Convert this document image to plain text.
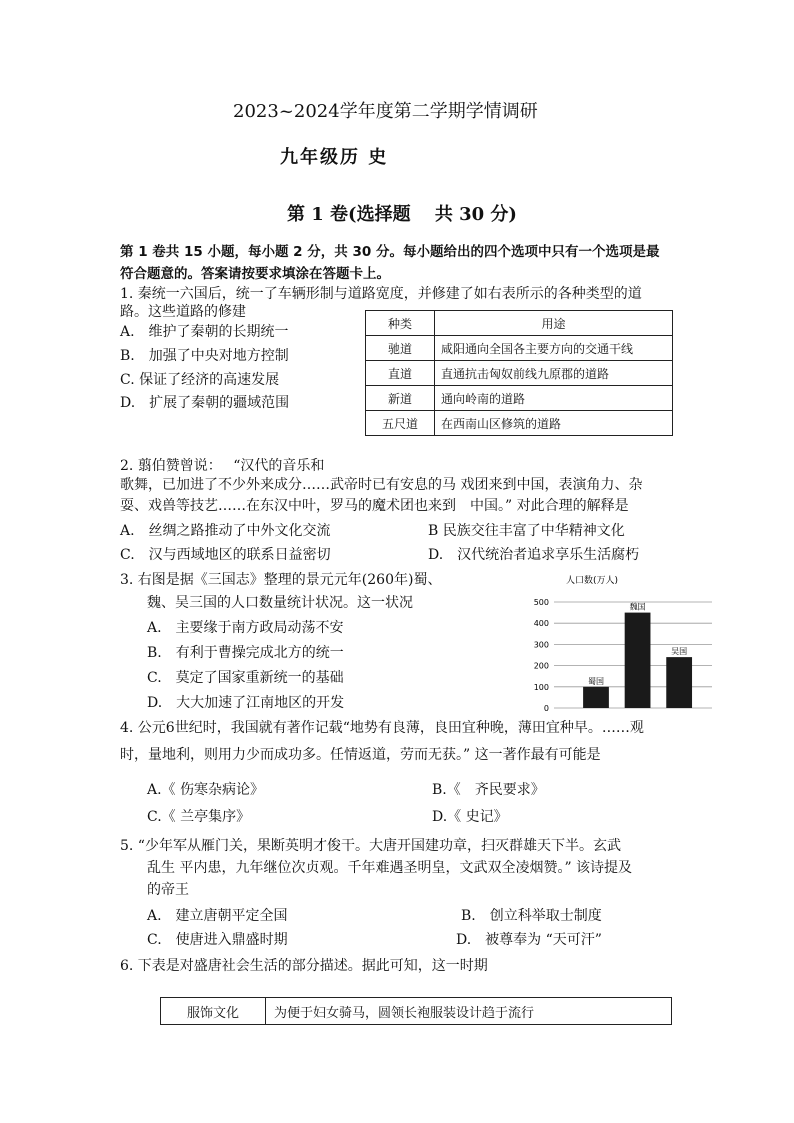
2023~2024学年度第二学期学情调研
九年级历 史
第 1 卷(选择题　 共 30 分)
第 1 卷共 15 小题，每小题 2 分，共 30 分。每小题给出的四个选项中只有一个选项是最
符合题意的。答案请按要求填涂在答题卡上。
1. 秦统一六国后，统一了车辆形制与道路宽度，并修建了如右表所示的各种类型的道
路。这些道路的修建
A.　维护了秦朝的长期统一
B.　加强了中央对地方控制
C. 保证了经济的高速发展
D.　扩展了秦朝的疆域范围
种类	用途
驰道	咸阳通向全国各主要方向的交通干线
直道	直通抗击匈奴前线九原郡的道路
新道	通向岭南的道路
五尺道	在西南山区修筑的道路
2. 翦伯赞曾说：　 “汉代的音乐和
歌舞，已加进了不少外来成分……武帝时已有安息的马 戏团来到中国，表演角力、杂
耍、戏兽等技艺……在东汉中叶，罗马的魔术团也来到　中国。” 对此合理的解释是
A.　丝绸之路推动了中外文化交流	B 民族交往丰富了中华精神文化
C.　汉与西域地区的联系日益密切	D.　汉代统治者追求享乐生活腐朽
3. 右图是据《三国志》整理的景元元年(260年)蜀、
魏、吴三国的人口数量统计状况。这一状况
A.　主要缘于南方政局动荡不安
B.　有利于曹操完成北方的统一
C.　莫定了国家重新统一的基础
D.　大大加速了江南地区的开发
人口数(万人)
0
100
200
300
400
500
蜀国
魏国
吴国
4. 公元6世纪时，我国就有著作记载“地势有良薄，良田宜种晚，薄田宜种早。……观
时，量地利，则用力少而成功多。任情返道，劳而无获。” 这一著作最有可能是
A.《 伤寒杂病论》	B.《　齐民要求》
C.《 兰亭集序》	D.《 史记》
5. “少年军从雁门关，果断英明才俊干。大唐开国建功章，扫灭群雄天下半。玄武
乱生 平内患，九年继位次贞观。千年难遇圣明皇，文武双全凌烟赞。” 该诗提及
的帝王
A.　建立唐朝平定全国	B.　创立科举取士制度
C.　使唐进入鼎盛时期	D.　被尊奉为 “天可汗”
6. 下表是对盛唐社会生活的部分描述。据此可知，这一时期
服饰文化	为便于妇女骑马，圆领长袍服装设计趋于流行
